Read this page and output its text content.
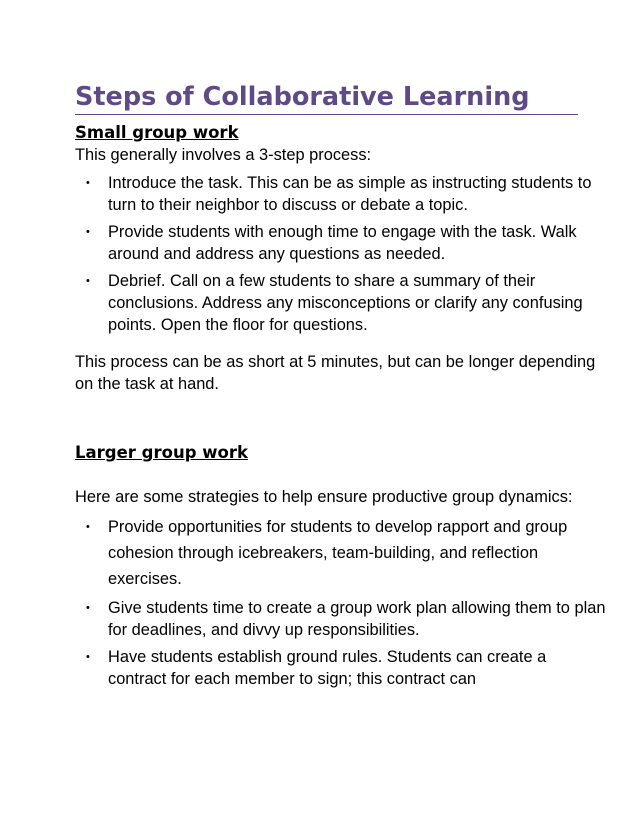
Steps of Collaborative Learning
Small group work

This generally involves a 3-step process:

• Introduce the task. This can be as simple as instructing students to turn to their neighbor to discuss or debate a topic.
• Provide students with enough time to engage with the task. Walk around and address any questions as needed.
• Debrief. Call on a few students to share a summary of their conclusions. Address any misconceptions or clarify any confusing points. Open the floor for questions.

This process can be as short at 5 minutes, but can be longer depending on the task at hand.

Larger group work

Here are some strategies to help ensure productive group dynamics:

• Provide opportunities for students to develop rapport and group cohesion through icebreakers, team-building, and reflection exercises.
• Give students time to create a group work plan allowing them to plan for deadlines, and divvy up responsibilities.
• Have students establish ground rules. Students can create a contract for each member to sign; this contract can
